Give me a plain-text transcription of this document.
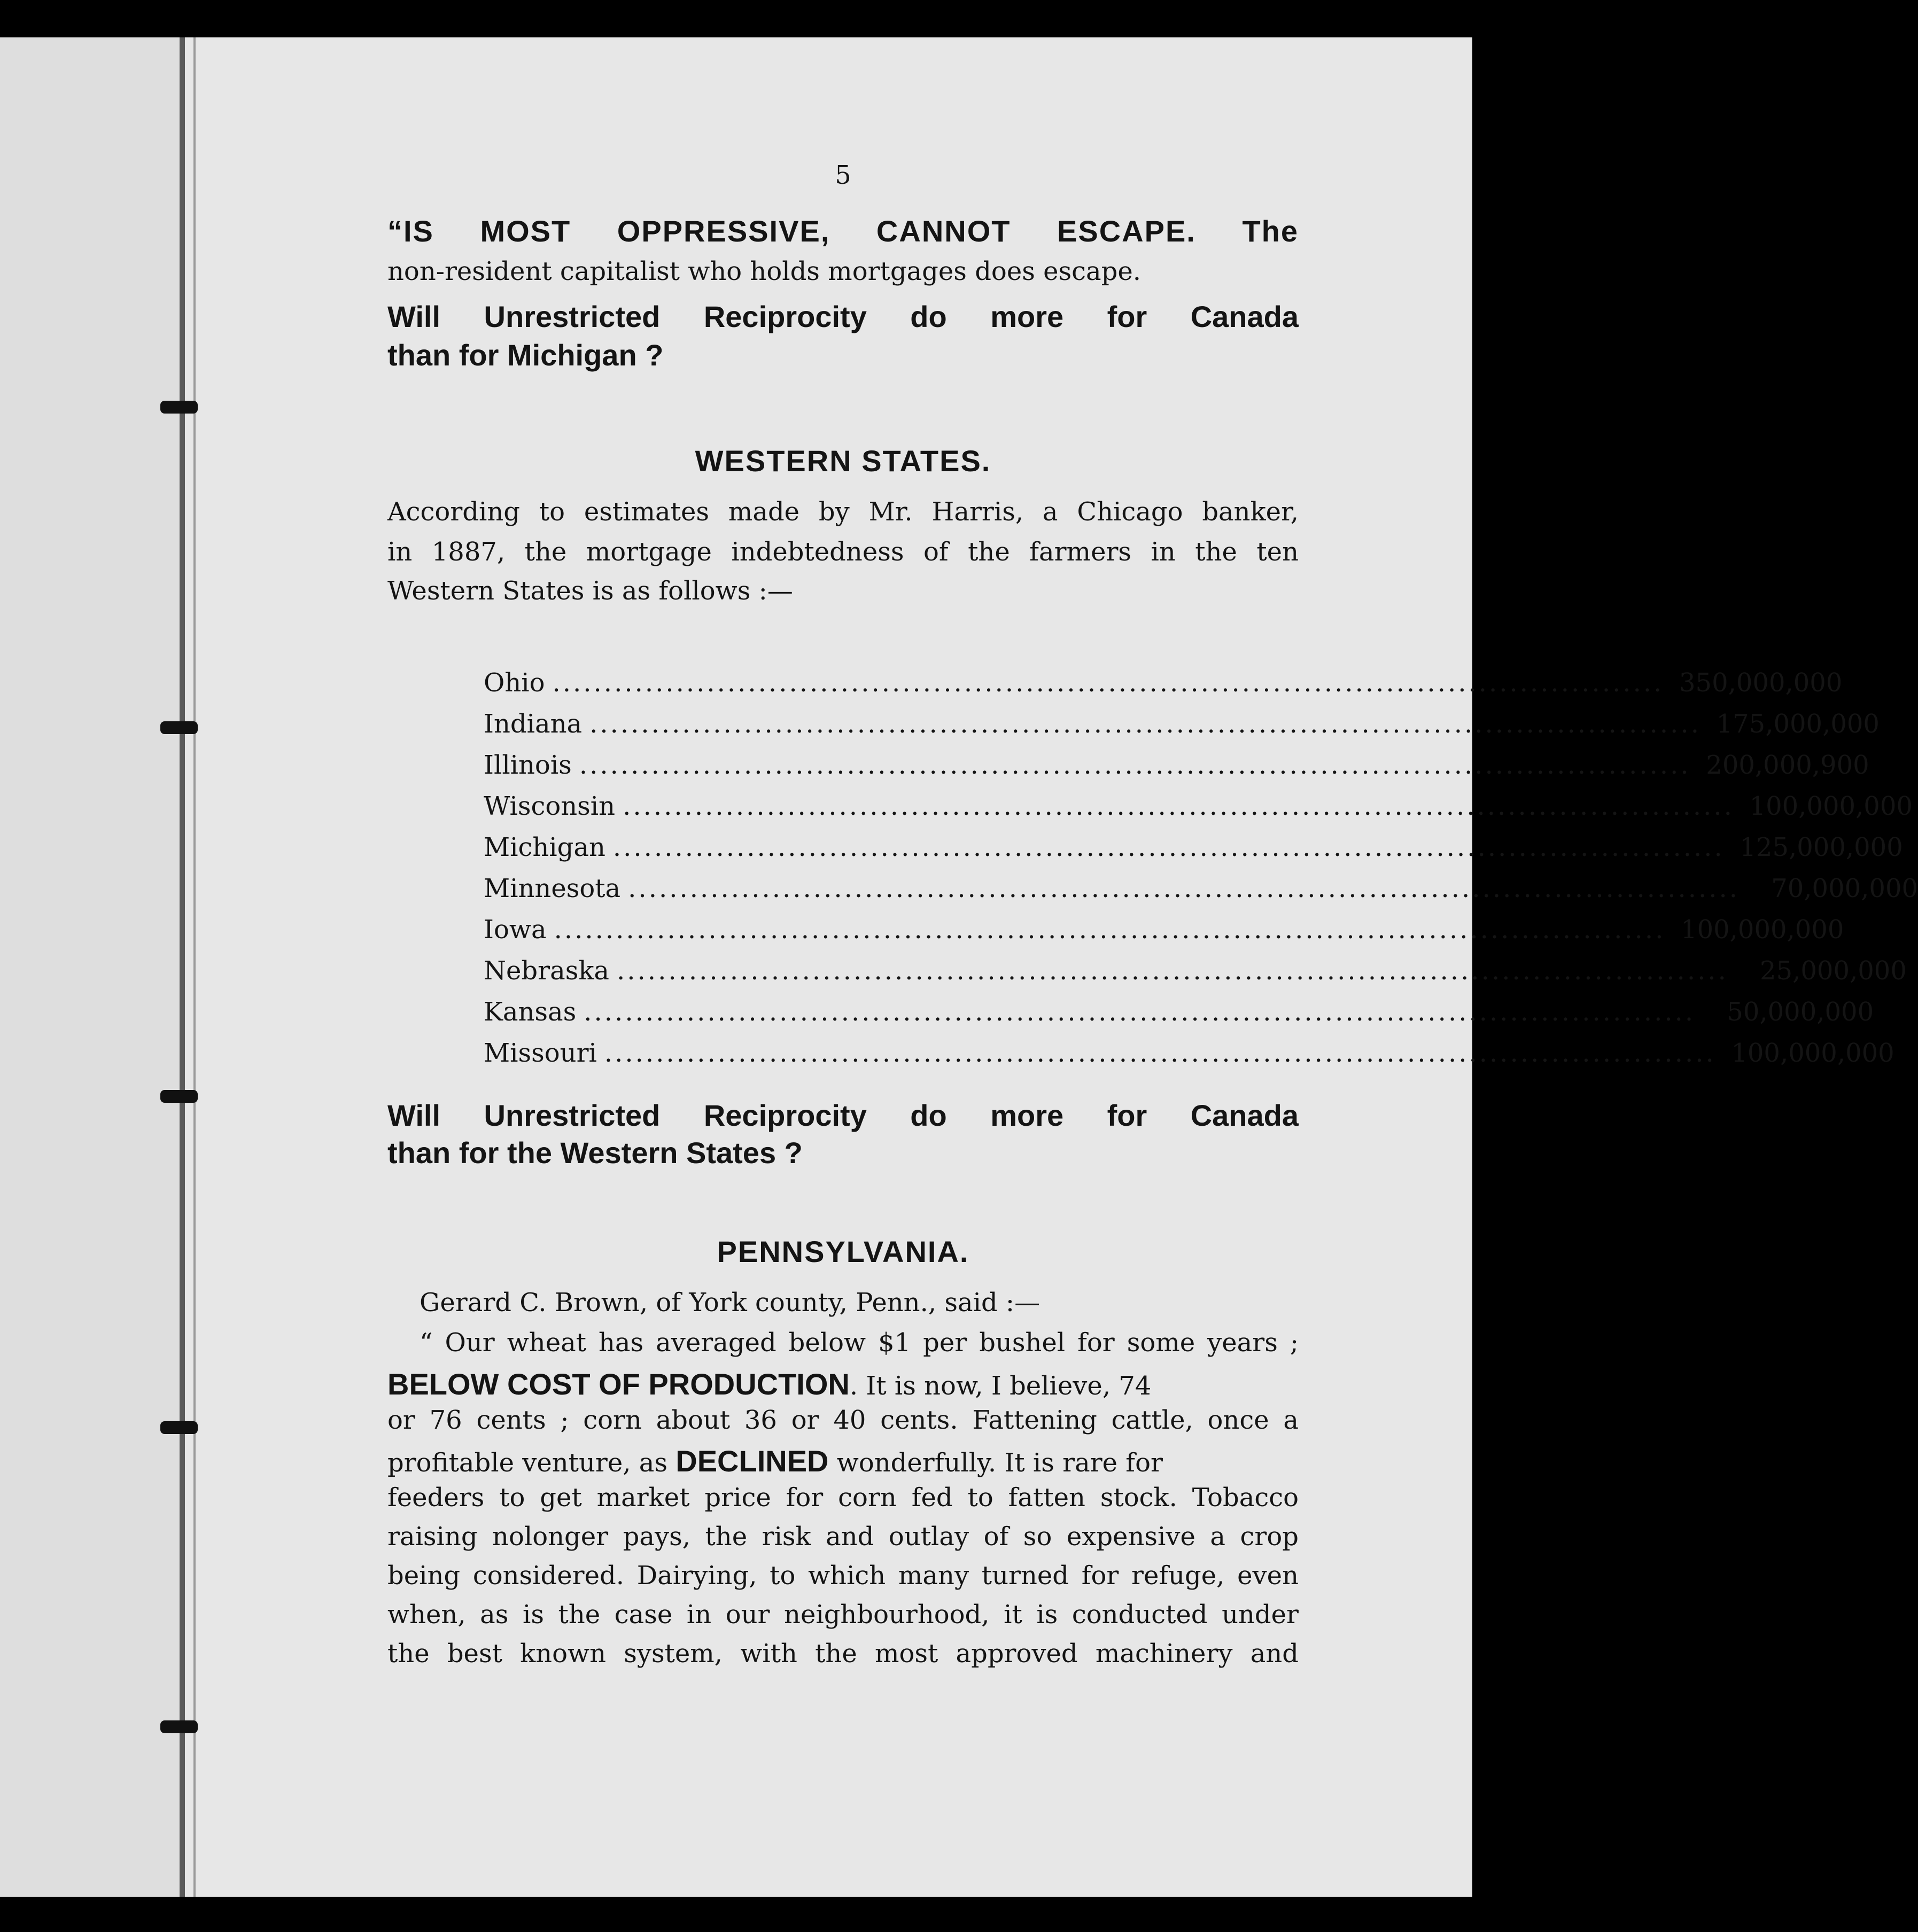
5
“IS MOST OPPRESSIVE, CANNOT ESCAPE. The
non-resident capitalist who holds mortgages does escape.
Will Unrestricted Reciprocity do more for Canada
than for Michigan ?
WESTERN STATES.
According to estimates made by Mr. Harris, a Chicago banker,
in 1887, the mortgage indebtedness of the farmers in the ten
Western States is as follows :—
Ohio ............................................................................................................ 350,000,000
Indiana ............................................................................................................ 175,000,000
Illinois ............................................................................................................ 200,000,900
Wisconsin ............................................................................................................ 100,000,000
Michigan ............................................................................................................ 125,000,000
Minnesota ............................................................................................................	70,000,000
Iowa ............................................................................................................ 100,000,000
Nebraska ............................................................................................................	25,000,000
Kansas ............................................................................................................	50,000,000
Missouri ............................................................................................................ 100,000,000
Will Unrestricted Reciprocity do more for Canada
than for the Western States ?
PENNSYLVANIA.
Gerard C. Brown, of York county, Penn., said :—
“ Our wheat has averaged below $1 per bushel for some years ;
BELOW COST OF PRODUCTION. It is now, I believe, 74
or 76 cents ; corn about 36 or 40 cents. Fattening cattle, once a
profitable venture, as DECLINED wonderfully. It is rare for
feeders to get market price for corn fed to fatten stock. Tobacco
raising nolonger pays, the risk and outlay of so expensive a crop
being considered. Dairying, to which many turned for refuge, even
when, as is the case in our neighbourhood, it is conducted under
the best known system, with the most approved machinery and
